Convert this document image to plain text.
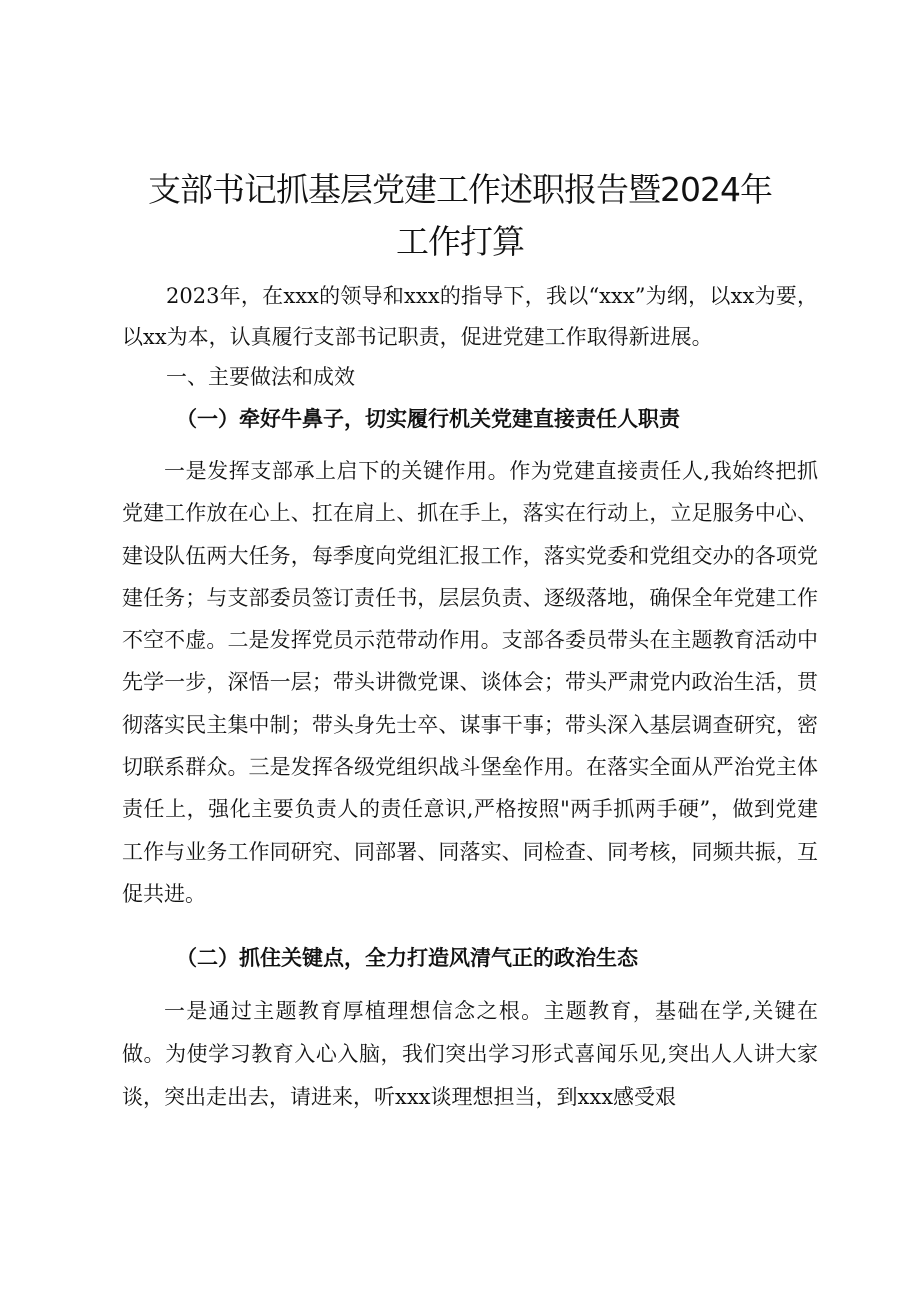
支部书记抓基层党建工作述职报告暨2024年
工作打算

2023年，在xxx的领导和xxx的指导下，我以“xxx”为纲，以xx为要，以xx为本，认真履行支部书记职责，促进党建工作取得新进展。

一、主要做法和成效
（一）牵好牛鼻子，切实履行机关党建直接责任人职责

一是发挥支部承上启下的关键作用。作为党建直接责任人,我始终把抓党建工作放在心上、扛在肩上、抓在手上，落实在行动上，立足服务中心、建设队伍两大任务，每季度向党组汇报工作，落实党委和党组交办的各项党建任务；与支部委员签订责任书，层层负责、逐级落地，确保全年党建工作不空不虚。二是发挥党员示范带动作用。支部各委员带头在主题教育活动中先学一步，深悟一层；带头讲微党课、谈体会；带头严肃党内政治生活，贯彻落实民主集中制；带头身先士卒、谋事干事；带头深入基层调查研究，密切联系群众。三是发挥各级党组织战斗堡垒作用。在落实全面从严治党主体责任上，强化主要负责人的责任意识,严格按照"两手抓两手硬”，做到党建工作与业务工作同研究、同部署、同落实、同检查、同考核，同频共振，互促共进。

（二）抓住关键点，全力打造风清气正的政治生态

一是通过主题教育厚植理想信念之根。主题教育，基础在学,关键在做。为使学习教育入心入脑，我们突出学习形式喜闻乐见,突出人人讲大家谈，突出走出去，请进来，听xxx谈理想担当，到xxx感受艰
